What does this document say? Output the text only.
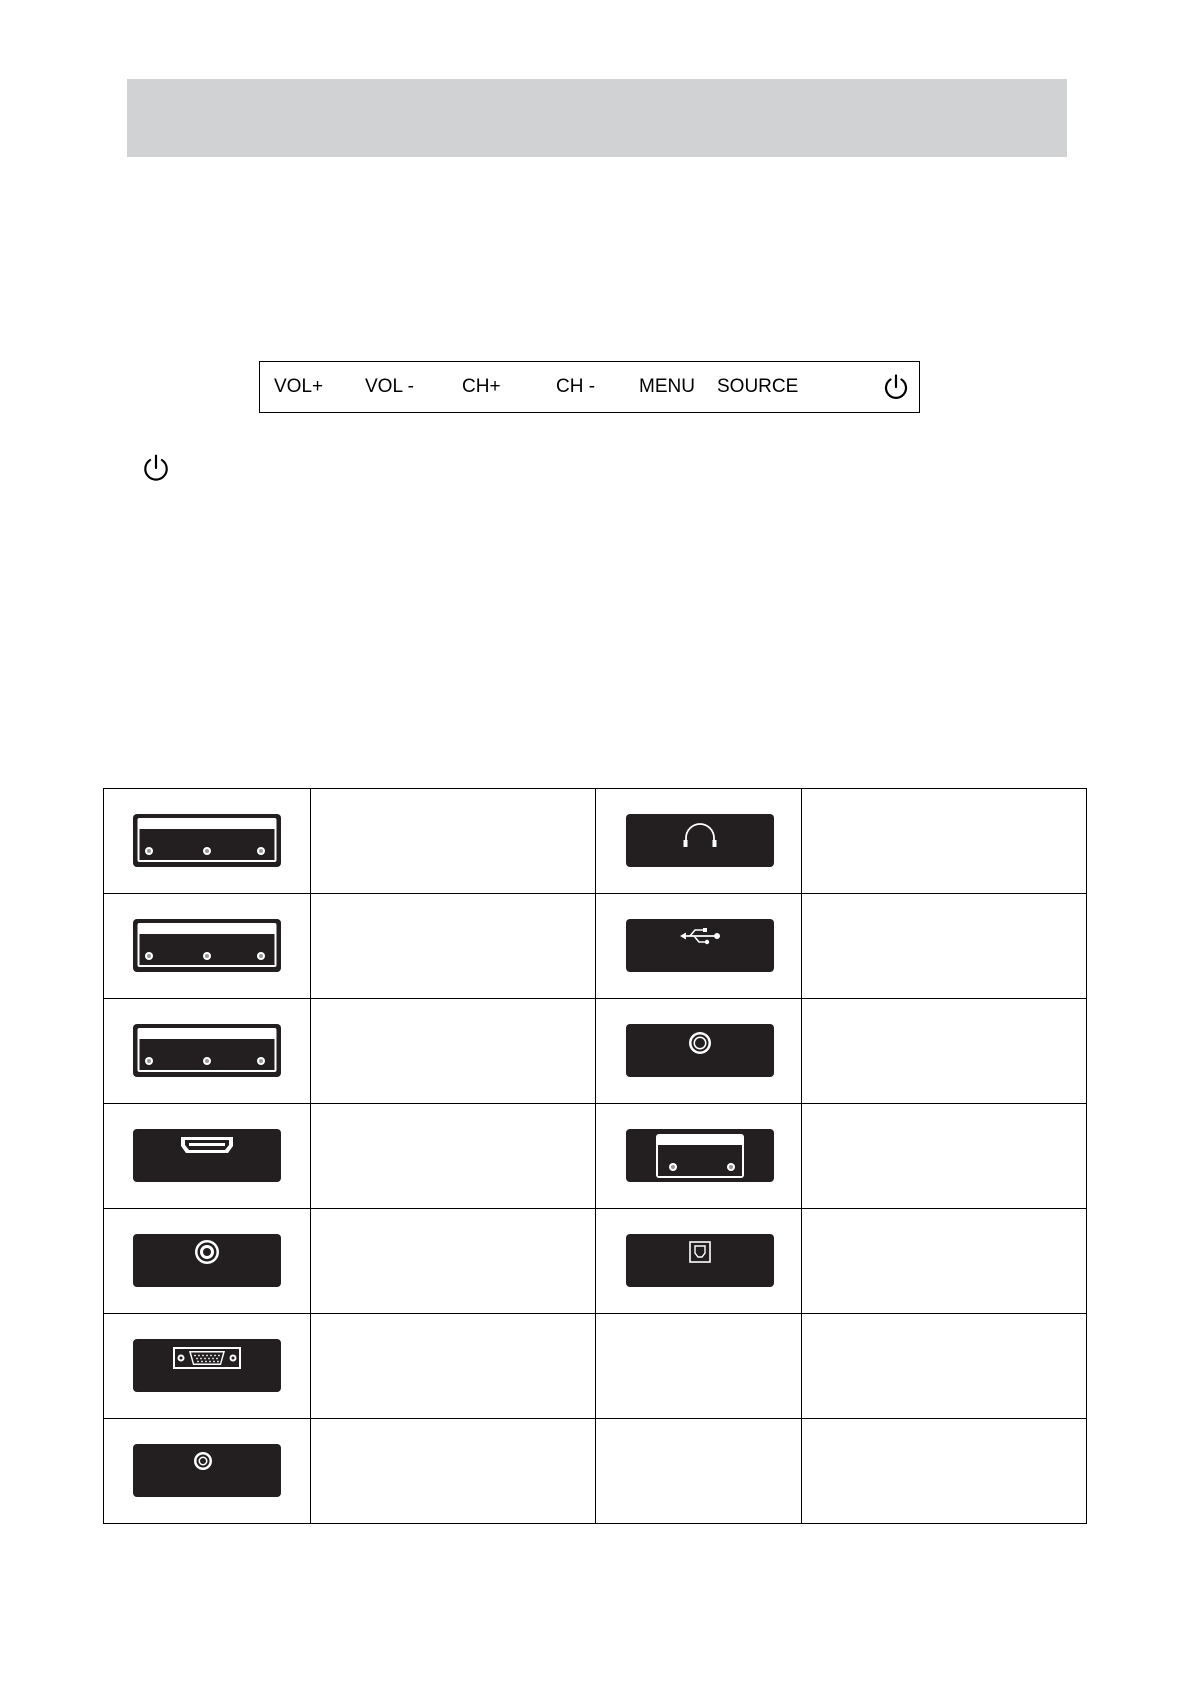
VOL+ VOL -	CH+	CH - MENU SOURCE
